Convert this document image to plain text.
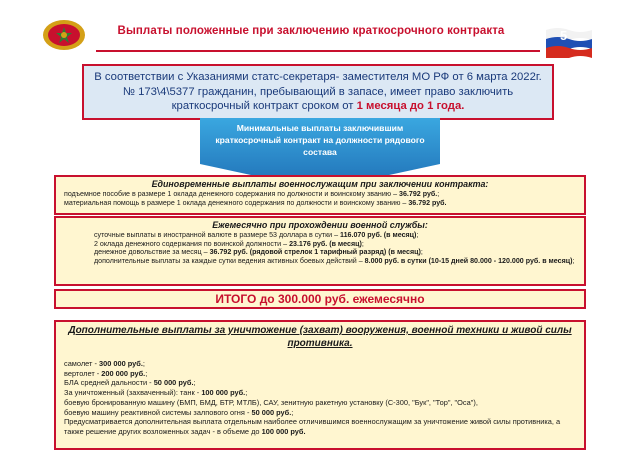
Выплаты положенные при заключению краткосрочного контракта	5
В соответствии с Указаниями статс-секретаря- заместителя МО РФ от 6 марта 2022г. № 173\4\5377 гражданин, пребывающий в запасе, имеет право заключить краткосрочный контракт сроком от 1 месяца до 1 года.
Минимальные выплаты заключившим краткосрочный контракт на должности рядового состава
Единовременные выплаты военнослужащим при заключении контракта:
подъемное пособие в размере 1 оклада денежного содержания по должности и воинскому званию – 36.792 руб.;
материальная помощь в размере 1 оклада денежного содержания по должности и воинскому званию – 36.792 руб.
Ежемесячно при прохождении военной службы:
суточные выплаты в иностранной валюте в размере 53 доллара в сутки – 116.070 руб. (в месяц);
2 оклада денежного содержания по воинской должности – 23.176 руб. (в месяц);
денежное довольствие за месяц – 36.792 руб. (рядовой стрелок 1 тарифный разряд) (в месяц);
дополнительные выплаты за каждые сутки ведения активных боевых действий – 8.000 руб. в сутки (10-15 дней 80.000 - 120.000 руб. в месяц);
ИТОГО до 300.000 руб. ежемесячно
Дополнительные выплаты за уничтожение (захват) вооружения, военной техники и живой силы противника.
самолет - 300 000 руб.;
вертолет - 200 000 руб.;
БЛА средней дальности - 50 000 руб.;
За уничтоженный (захваченный): танк - 100 000 руб.;
боевую бронированную машину (БМП, БМД, БТР, МТЛБ), САУ, зенитную ракетную установку (С-300, "Бук", "Тор", "Оса"),
боевую машину реактивной системы залпового огня - 50 000 руб.;
Предусматривается дополнительная выплата отдельным наиболее отличившимся военнослужащим за уничтожение живой силы противника, а также решение других возложенных задач - в объеме до 100 000 руб.
